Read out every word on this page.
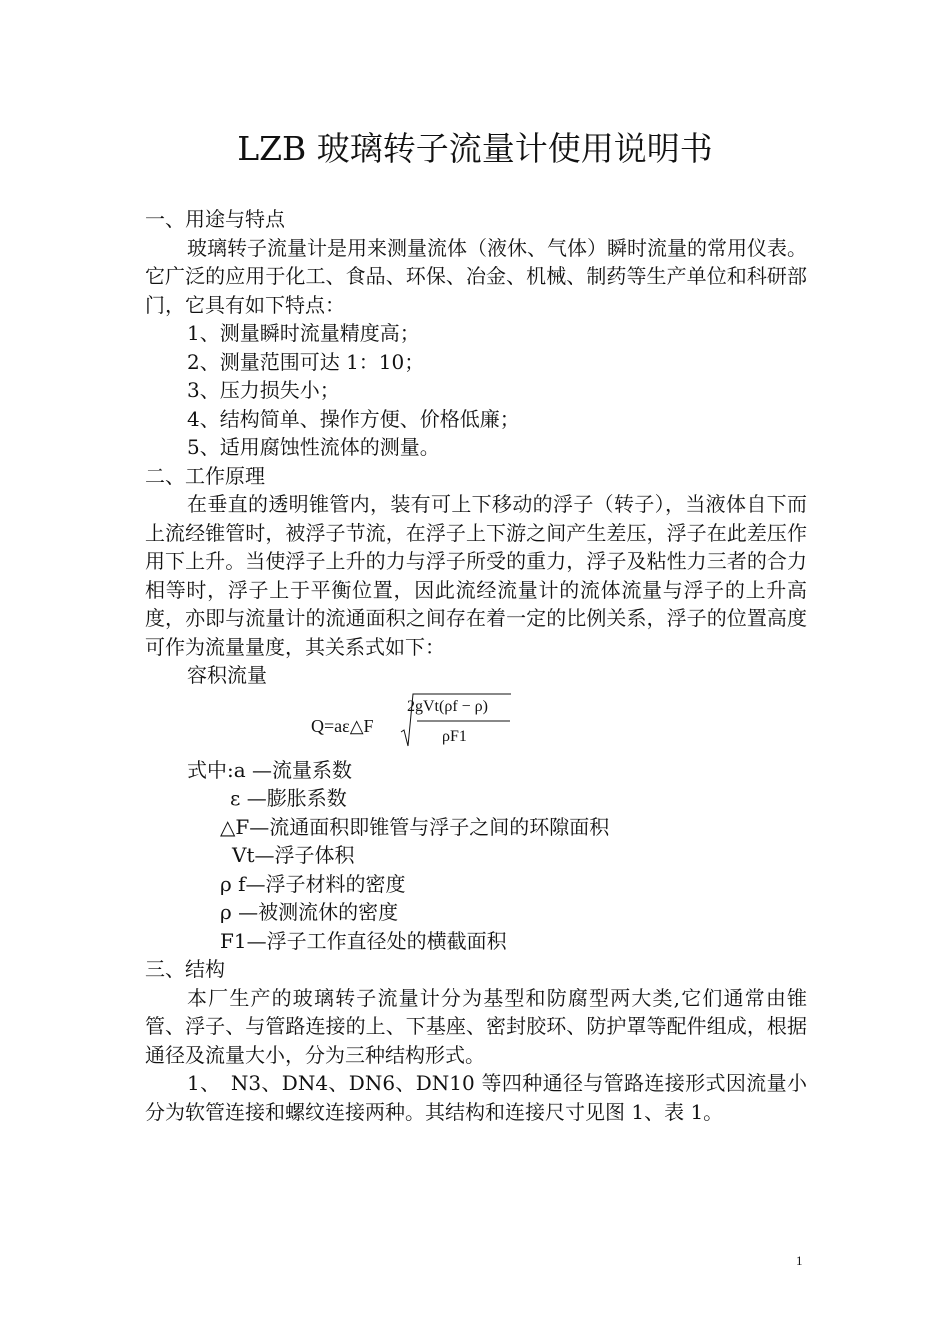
LZB 玻璃转子流量计使用说明书

一、用途与特点

玻璃转子流量计是用来测量流体（液休、气体）瞬时流量的常用仪表。它广泛的应用于化工、食品、环保、冶金、机械、制药等生产单位和科研部门，它具有如下特点：

1、测量瞬时流量精度高；

2、测量范围可达 1：10；

3、压力损失小；

4、结构简单、操作方便、价格低廉；

5、适用腐蚀性流体的测量。

二、工作原理

在垂直的透明锥管内，装有可上下移动的浮子（转子），当液体自下而上流经锥管时，被浮子节流，在浮子上下游之间产生差压，浮子在此差压作用下上升。当使浮子上升的力与浮子所受的重力，浮子及粘性力三者的合力相等时，浮子上于平衡位置，因此流经流量计的流体流量与浮子的上升高度，亦即与流量计的流通面积之间存在着一定的比例关系，浮子的位置高度可作为流量量度，其关系式如下：

容积流量

Q=aε△F
2gVt(ρf − ρ)
ρF1

式中:a —流量系数

ε —膨胀系数

△F—流通面积即锥管与浮子之间的环隙面积

Vt—浮子体积

ρ f—浮子材料的密度

ρ —被测流休的密度

F1—浮子工作直径处的横截面积

三、结构

本厂生产的玻璃转子流量计分为基型和防腐型两大类,它们通常由锥管、浮子、与管路连接的上、下基座、密封胶环、防护罩等配件组成，根据通径及流量大小，分为三种结构形式。

1、　N3、DN4、DN6、DN10 等四种通径与管路连接形式因流量小分为软管连接和螺纹连接两种。其结构和连接尺寸见图 1、表 1。

1
